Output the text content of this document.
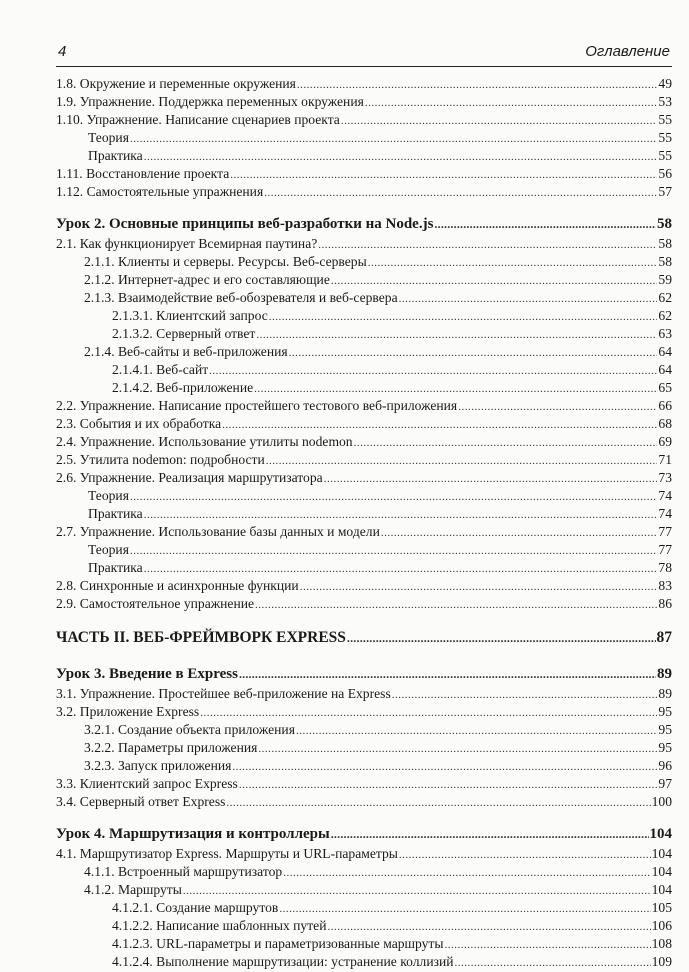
4	Оглавление
1.8. Окружение и переменные окружения .....	49
1.9. Упражнение. Поддержка переменных окружения .....	53
1.10. Упражнение. Написание сценариев проекта .....	55
Теория .....	55
Практика .....	55
1.11. Восстановление проекта .....	56
1.12. Самостоятельные упражнения .....	57
Урок 2. Основные принципы веб-разработки на Node.js .....	58
2.1. Как функционирует Всемирная паутина? .....	58
2.1.1. Клиенты и серверы. Ресурсы. Веб-серверы .....	58
2.1.2. Интернет-адрес и его составляющие .....	59
2.1.3. Взаимодействие веб-обозревателя и веб-сервера .....	62
2.1.3.1. Клиентский запрос .....	62
2.1.3.2. Серверный ответ .....	63
2.1.4. Веб-сайты и веб-приложения .....	64
2.1.4.1. Веб-сайт .....	64
2.1.4.2. Веб-приложение .....	65
2.2. Упражнение. Написание простейшего тестового веб-приложения .....	66
2.3. События и их обработка .....	68
2.4. Упражнение. Использование утилиты nodemon .....	69
2.5. Утилита nodemon: подробности .....	71
2.6. Упражнение. Реализация маршрутизатора .....	73
Теория .....	74
Практика .....	74
2.7. Упражнение. Использование базы данных и модели .....	77
Теория .....	77
Практика .....	78
2.8. Синхронные и асинхронные функции .....	83
2.9. Самостоятельное упражнение .....	86
ЧАСТЬ II. ВЕБ-ФРЕЙМВОРК EXPRESS .....	87
Урок 3. Введение в Express .....	89
3.1. Упражнение. Простейшее веб-приложение на Express .....	89
3.2. Приложение Express .....	95
3.2.1. Создание объекта приложения .....	95
3.2.2. Параметры приложения .....	95
3.2.3. Запуск приложения .....	96
3.3. Клиентский запрос Express .....	97
3.4. Серверный ответ Express .....	100
Урок 4. Маршрутизация и контроллеры .....	104
4.1. Маршрутизатор Express. Маршруты и URL-параметры .....	104
4.1.1. Встроенный маршрутизатор .....	104
4.1.2. Маршруты .....	104
4.1.2.1. Создание маршрутов .....	105
4.1.2.2. Написание шаблонных путей .....	106
4.1.2.3. URL-параметры и параметризованные маршруты .....	108
4.1.2.4. Выполнение маршрутизации: устранение коллизий .....	109
